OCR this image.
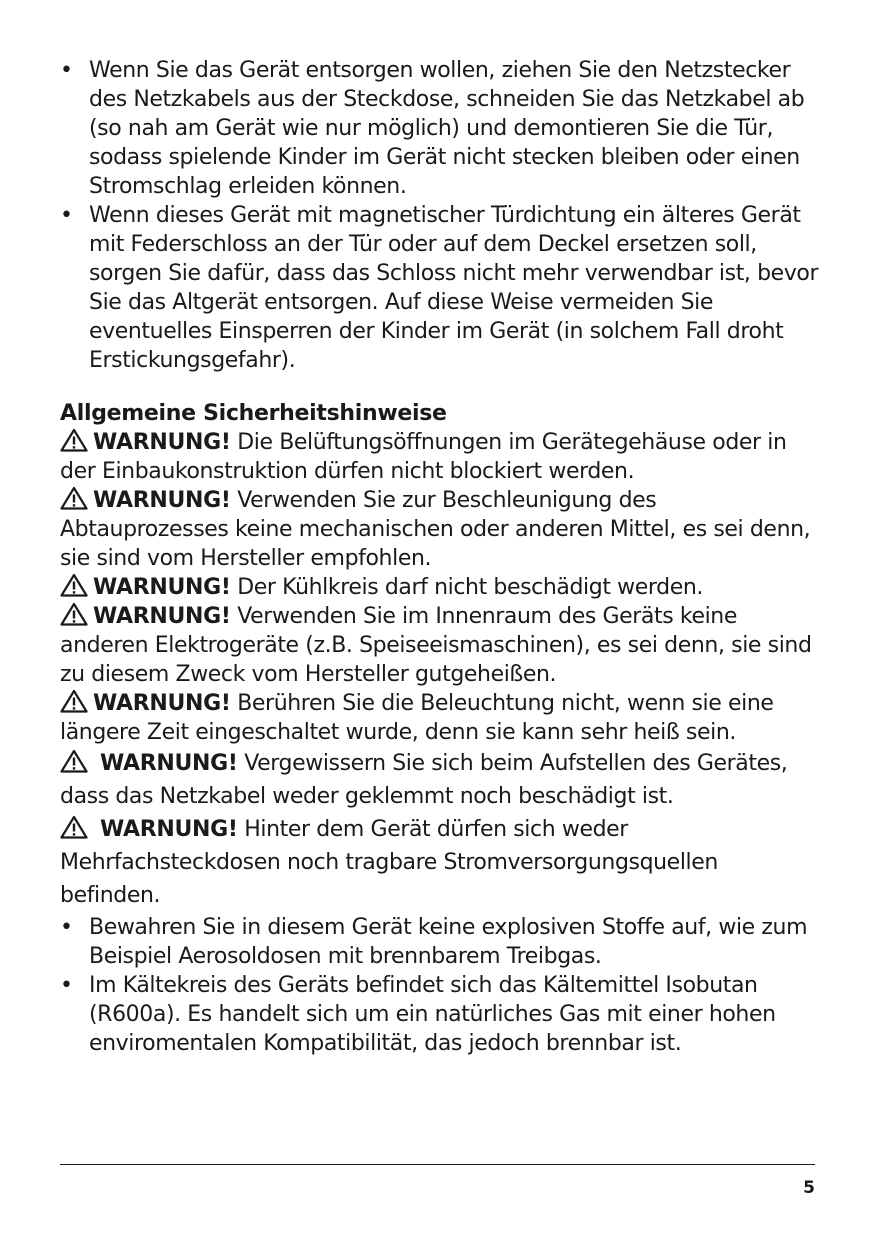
• Wenn Sie das Gerät entsorgen wollen, ziehen Sie den Netzstecker des Netzkabels aus der Steckdose, schneiden Sie das Netzkabel ab (so nah am Gerät wie nur möglich) und demontieren Sie die Tür, sodass spielende Kinder im Gerät nicht stecken bleiben oder einen Stromschlag erleiden können.
• Wenn dieses Gerät mit magnetischer Türdichtung ein älteres Gerät mit Federschloss an der Tür oder auf dem Deckel ersetzen soll, sorgen Sie dafür, dass das Schloss nicht mehr verwendbar ist, bevor Sie das Altgerät entsorgen. Auf diese Weise vermeiden Sie eventuelles Einsperren der Kinder im Gerät (in solchem Fall droht Erstickungsgefahr).
Allgemeine Sicherheitshinweise
WARNUNG! Die Belüftungsöffnungen im Gerätegehäuse oder in der Einbaukonstruktion dürfen nicht blockiert werden.
WARNUNG! Verwenden Sie zur Beschleunigung des Abtauprozesses keine mechanischen oder anderen Mittel, es sei denn, sie sind vom Hersteller empfohlen.
WARNUNG! Der Kühlkreis darf nicht beschädigt werden.
WARNUNG! Verwenden Sie im Innenraum des Geräts keine anderen Elektrogeräte (z.B. Speiseeismaschinen), es sei denn, sie sind zu diesem Zweck vom Hersteller gutgeheißen.
WARNUNG! Berühren Sie die Beleuchtung nicht, wenn sie eine längere Zeit eingeschaltet wurde, denn sie kann sehr heiß sein.
WARNUNG! Vergewissern Sie sich beim Aufstellen des Gerätes, dass das Netzkabel weder geklemmt noch beschädigt ist.
WARNUNG! Hinter dem Gerät dürfen sich weder Mehrfachsteckdosen noch tragbare Stromversorgungsquellen befinden.
• Bewahren Sie in diesem Gerät keine explosiven Stoffe auf, wie zum Beispiel Aerosoldosen mit brennbarem Treibgas.
• Im Kältekreis des Geräts befindet sich das Kältemittel Isobutan (R600a). Es handelt sich um ein natürliches Gas mit einer hohen enviromentalen Kompatibilität, das jedoch brennbar ist.
5
